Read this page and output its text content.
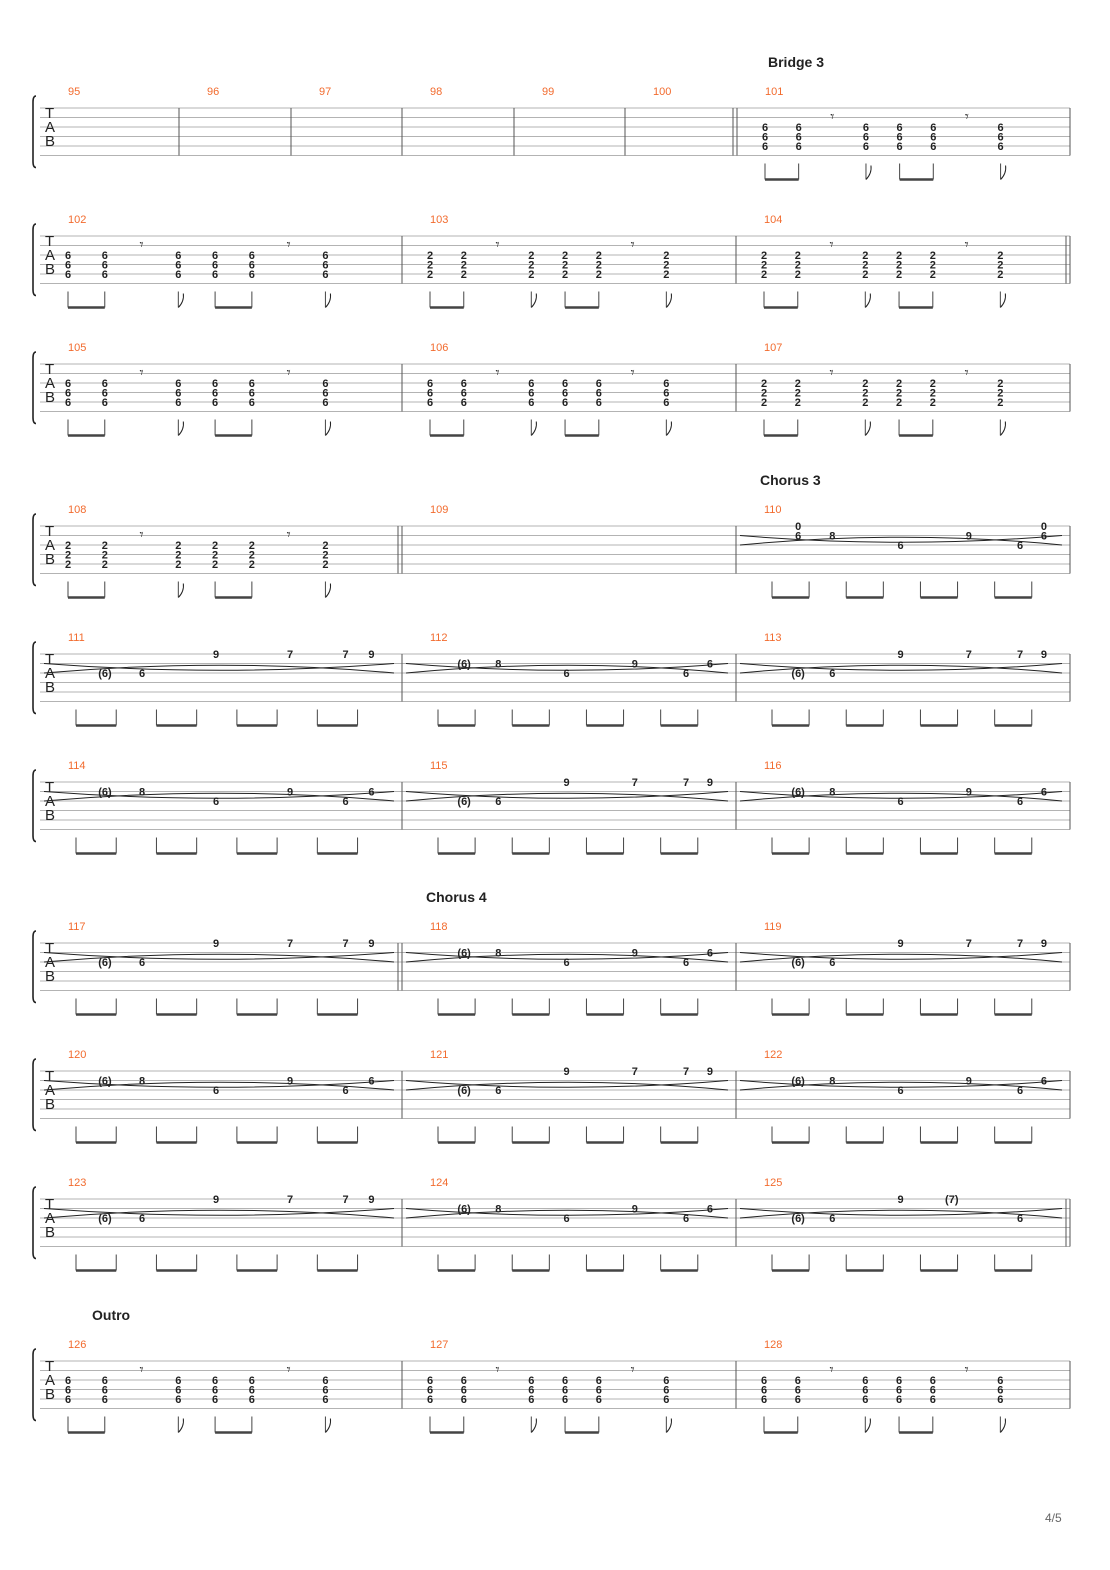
T
A
B
95	96	97	98	99	100	101
6
6
6
6
6
6
6
6
6
6
6
6
6
6
6
6
6
6
𝄾	𝄾
T
A
B
102	103	104
6
6
6
6
6
6
6
6
6
6
6
6
6
6
6
6
6
6
𝄾	𝄾
2
2
2
2
2
2
2
2
2
2
2
2
2
2
2
2
2
2
𝄾	𝄾
2
2
2
2
2
2
2
2
2
2
2
2
2
2
2
2
2
2
𝄾	𝄾
T
A
B
105	106	107
6
6
6
6
6
6
6
6
6
6
6
6
6
6
6
6
6
6
𝄾	𝄾
6
6
6
6
6
6
6
6
6
6
6
6
6
6
6
6
6
6
𝄾	𝄾
2
2
2
2
2
2
2
2
2
2
2
2
2
2
2
2
2
2
𝄾	𝄾
T
A
B
108	109	110
2
2
2
2
2
2
2
2
2
2
2
2
2
2
2
2
2
2
𝄾	𝄾	0
8
6
9
6
0
6	6
T
A
B
111	112	113
(6) 6
9	7	7 9
(6) 8
6
9
6
6
(6) 6
9	7	7 9
T
A
B
114	115	116
(6) 8
6
9
6
6
(6) 6
9	7	7 9
(6) 8
6
9
6
6
T
A
B
117	118	119
(6) 6
9	7	7 9
(6) 8
6
9
6
6
(6) 6
9	7	7 9
T
A
B
120	121	122
(6) 8
6
9
6
6
(6) 6
9	7	7 9
(6) 8
6
9
6
6
T
A
B
123	124	125
(6) 6
9	7	7 9
(6) 8
6
9
6
6
(6) 6
9	(7)
6
T
A
B
126	127	128
6
6
6
6
6
6
6
6
6
6
6
6
6
6
6
6
6
6
𝄾	𝄾
6
6
6
6
6
6
6
6
6
6
6
6
6
6
6
6
6
6
𝄾	𝄾
6
6
6
6
6
6
6
6
6
6
6
6
6
6
6
6
6
6
𝄾	𝄾
Bridge 3
Chorus 3
Chorus 4
Outro
4/5
